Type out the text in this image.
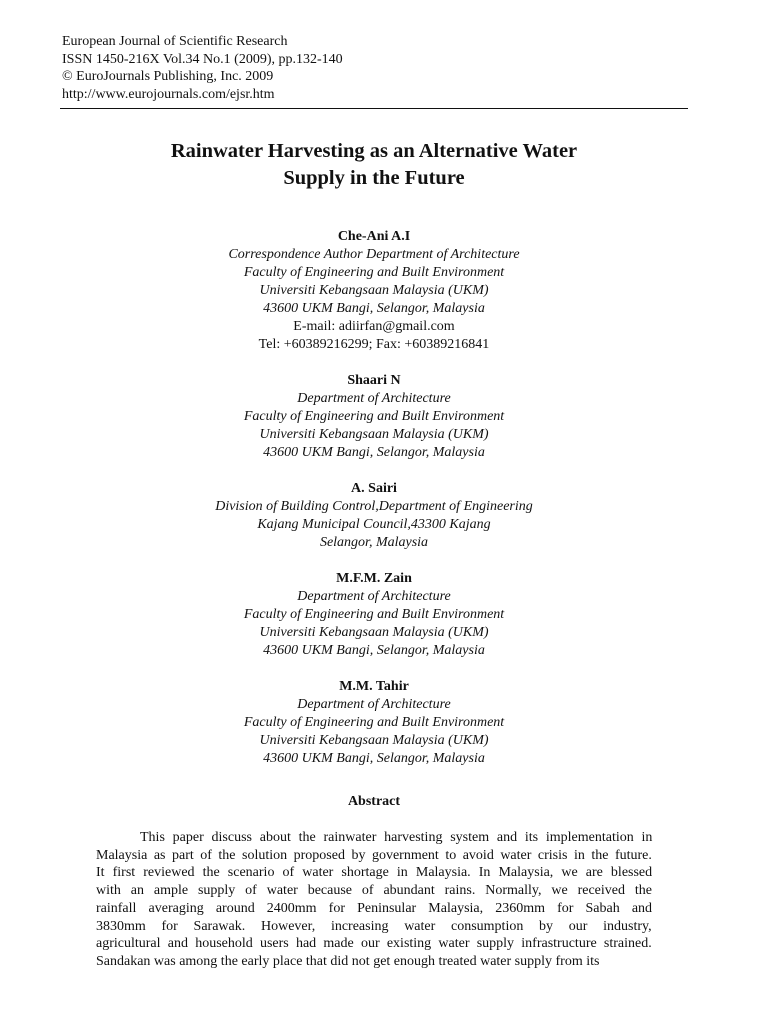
European Journal of Scientific Research
ISSN 1450-216X Vol.34 No.1 (2009), pp.132-140
© EuroJournals Publishing, Inc. 2009
http://www.eurojournals.com/ejsr.htm
Rainwater Harvesting as an Alternative Water
Supply in the Future
Che-Ani A.I
Correspondence Author Department of Architecture
Faculty of Engineering and Built Environment
Universiti Kebangsaan Malaysia (UKM)
43600 UKM Bangi, Selangor, Malaysia
E-mail: adiirfan@gmail.com
Tel: +60389216299; Fax: +60389216841
Shaari N
Department of Architecture
Faculty of Engineering and Built Environment
Universiti Kebangsaan Malaysia (UKM)
43600 UKM Bangi, Selangor, Malaysia
A. Sairi
Division of Building Control,Department of Engineering
Kajang Municipal Council,43300 Kajang
Selangor, Malaysia
M.F.M. Zain
Department of Architecture
Faculty of Engineering and Built Environment
Universiti Kebangsaan Malaysia (UKM)
43600 UKM Bangi, Selangor, Malaysia
M.M. Tahir
Department of Architecture
Faculty of Engineering and Built Environment
Universiti Kebangsaan Malaysia (UKM)
43600 UKM Bangi, Selangor, Malaysia
Abstract
This paper discuss about the rainwater harvesting system and its implementation in
Malaysia as part of the solution proposed by government to avoid water crisis in the future.
It first reviewed the scenario of water shortage in Malaysia. In Malaysia, we are blessed
with an ample supply of water because of abundant rains. Normally, we received the
rainfall averaging around 2400mm for Peninsular Malaysia, 2360mm for Sabah and
3830mm for Sarawak. However, increasing water consumption by our industry,
agricultural and household users had made our existing water supply infrastructure strained.
Sandakan was among the early place that did not get enough treated water supply from its
